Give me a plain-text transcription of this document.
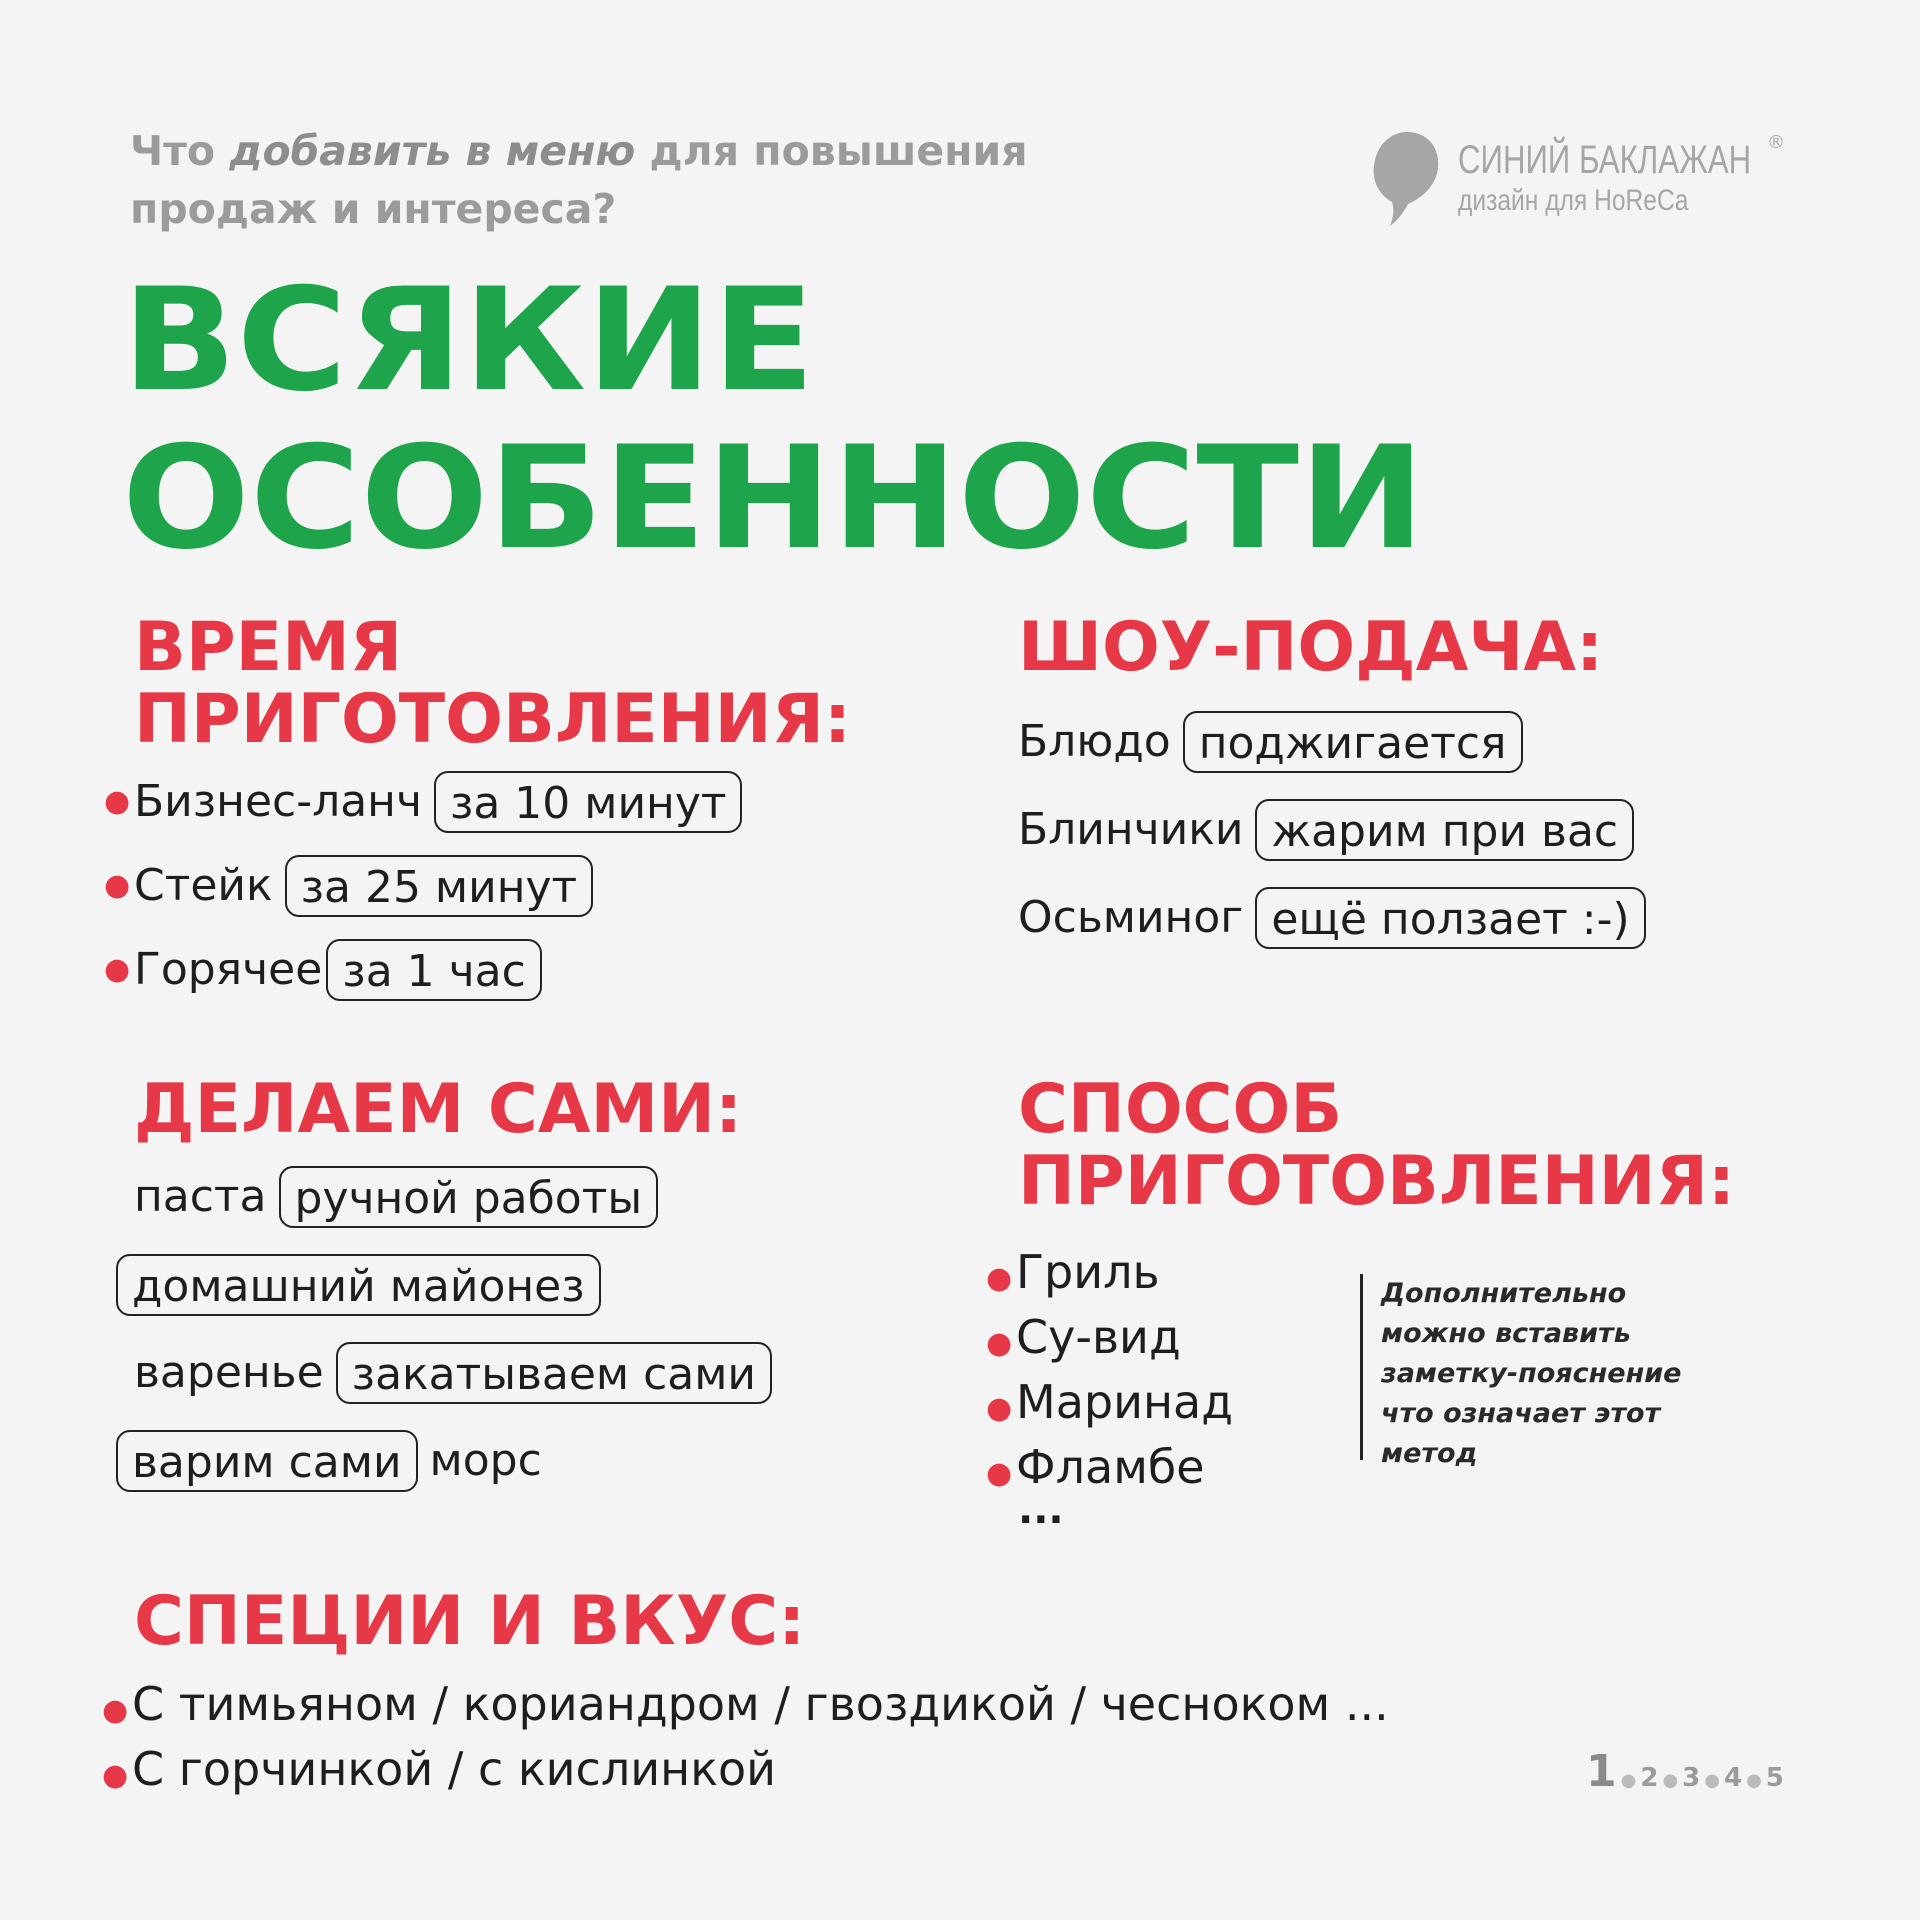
Что добавить в меню для повышения продаж и интереса?
СИНИЙ БАКЛАЖАН ®
дизайн для HoReCa
ВСЯКИЕ
ОСОБЕННОСТИ
ВРЕМЯ
ПРИГОТОВЛЕНИЯ:
● Бизнес-ланч за 10 минут
● Стейк за 25 минут
● Горячее за 1 час
ШОУ-ПОДАЧА:
Блюдо поджигается
Блинчики жарим при вас
Осьминог ещё ползает :-)
ДЕЛАЕМ САМИ:
паста ручной работы
домашний майонез
варенье закатываем сами
варим сами морс
СПОСОБ
ПРИГОТОВЛЕНИЯ:
●Гриль
●Су-вид
●Маринад
●Фламбе
...
Дополнительно можно вставить заметку-пояснение что означает этот метод
СПЕЦИИ И ВКУС:
●С тимьяном / кориандром / гвоздикой / чесноком ...
●С горчинкой / с кислинкой	1 ● 2 ● 3 ● 4 ● 5
